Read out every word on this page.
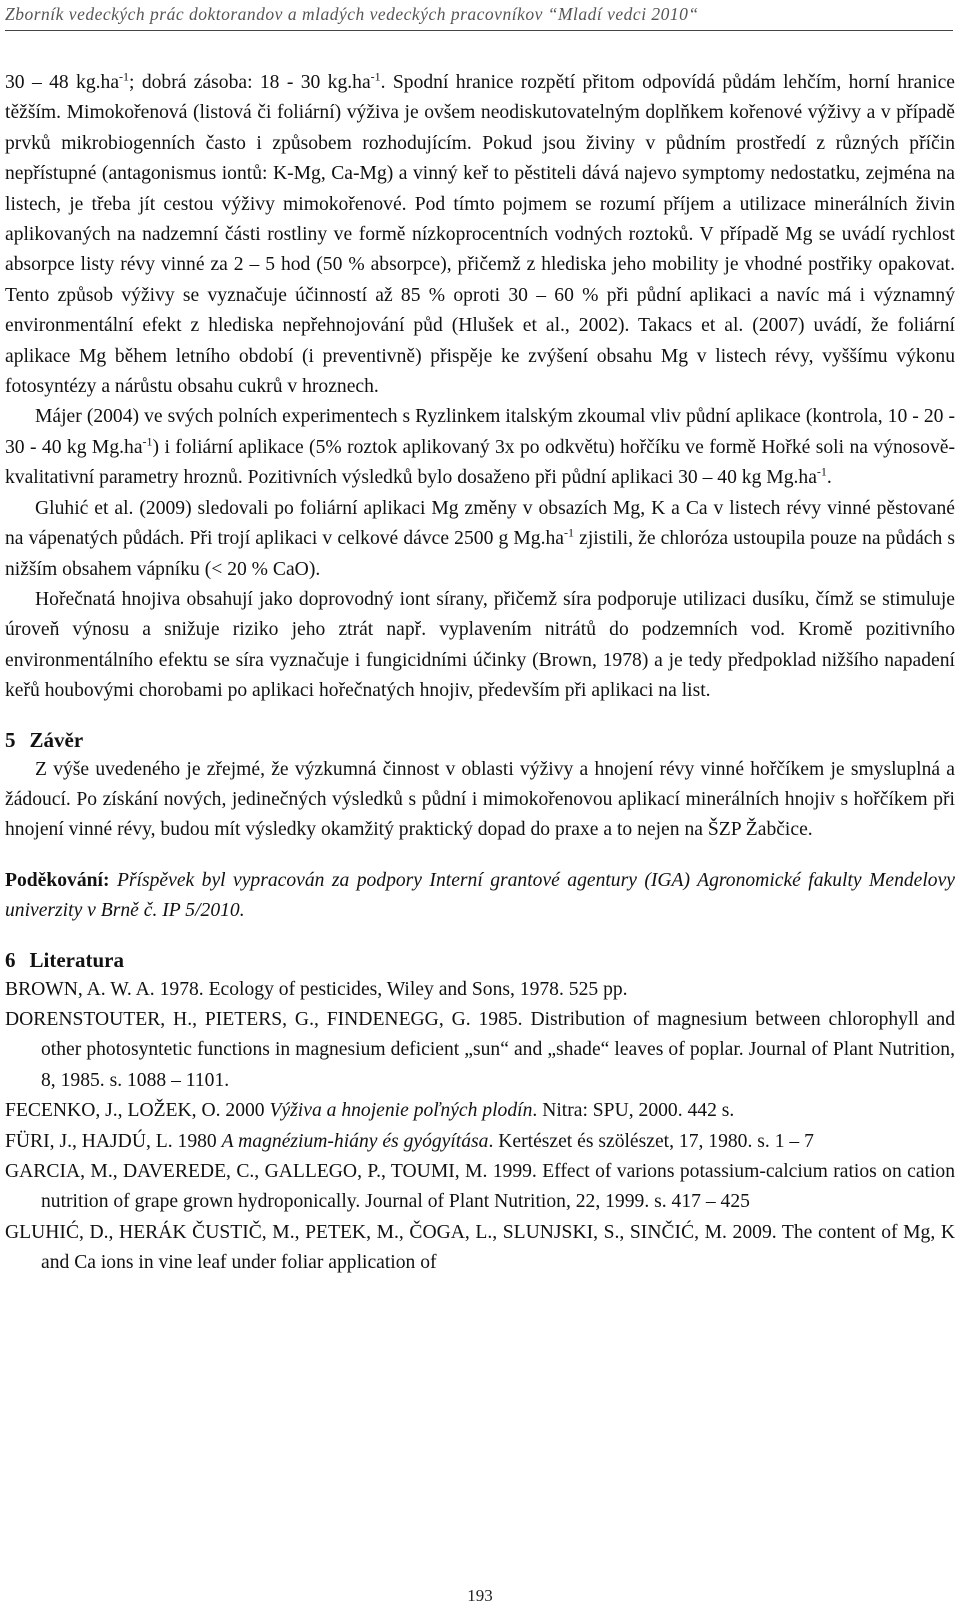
Zborník vedeckých prác doktorandov a mladých vedeckých pracovníkov “Mladí vedci 2010“

30 – 48 $kg.ha^{-1}$; dobrá zásoba: 18 - 30 $kg.ha^{-1}$. Spodní hranice rozpětí přitom odpovídá půdám lehčím, horní hranice těžším. Mimokořenová (listová či foliární) výživa je ovšem neodiskutovatelným doplňkem kořenové výživy a v případě prvků mikrobiogenních často i způsobem rozhodujícím. Pokud jsou živiny v půdním prostředí z různých příčin nepřístupné (antagonismus iontů: K-Mg, Ca-Mg) a vinný keř to pěstiteli dává najevo symptomy nedostatku, zejména na listech, je třeba jít cestou výživy mimokořenové. Pod tímto pojmem se rozumí příjem a utilizace minerálních živin aplikovaných na nadzemní části rostliny ve formě nízkoprocentních vodných roztoků. V případě Mg se uvádí rychlost absorpce listy révy vinné za 2 – 5 hod (50 % absorpce), přičemž z hlediska jeho mobility je vhodné postřiky opakovat. Tento způsob výživy se vyznačuje účinností až 85 % oproti 30 – 60 % při půdní aplikaci a navíc má i významný environmentální efekt z hlediska nepřehnojování půd (Hlušek et al., 2002). Takacs et al. (2007) uvádí, že foliární aplikace Mg během letního období (i preventivně) přispěje ke zvýšení obsahu Mg v listech révy, vyššímu výkonu fotosyntézy a nárůstu obsahu cukrů v hroznech.

Májer (2004) ve svých polních experimentech s Ryzlinkem italským zkoumal vliv půdní aplikace (kontrola, 10 - 20 - 30 - 40 kg $Mg.ha^{-1}$) i foliární aplikace (5% roztok aplikovaný 3x po odkvětu) hořčíku ve formě Hořké soli na výnosově-kvalitativní parametry hroznů. Pozitivních výsledků bylo dosaženo při půdní aplikaci 30 – 40 kg $Mg.ha^{-1}$.

Gluhić et al. (2009) sledovali po foliární aplikaci Mg změny v obsazích Mg, K a Ca v listech révy vinné pěstované na vápenatých půdách. Při trojí aplikaci v celkové dávce 2500 g $Mg.ha^{-1}$ zjistili, že chloróza ustoupila pouze na půdách s nižším obsahem vápníku (< 20 % CaO).

Hořečnatá hnojiva obsahují jako doprovodný iont sírany, přičemž síra podporuje utilizaci dusíku, čímž se stimuluje úroveň výnosu a snižuje riziko jeho ztrát např. vyplavením nitrátů do podzemních vod. Kromě pozitivního environmentálního efektu se síra vyznačuje i fungicidními účinky (Brown, 1978) a je tedy předpoklad nižšího napadení keřů houbovými chorobami po aplikaci hořečnatých hnojiv, především při aplikaci na list.

5 Závěr

Z výše uvedeného je zřejmé, že výzkumná činnost v oblasti výživy a hnojení révy vinné hořčíkem je smysluplná a žádoucí. Po získání nových, jedinečných výsledků s půdní i mimokořenovou aplikací minerálních hnojiv s hořčíkem při hnojení vinné révy, budou mít výsledky okamžitý praktický dopad do praxe a to nejen na ŠZP Žabčice.

Poděkování: Příspěvek byl vypracován za podpory Interní grantové agentury (IGA) Agronomické fakulty Mendelovy univerzity v Brně č. IP 5/2010.

6 Literatura

BROWN, A. W. A. 1978. Ecology of pesticides, Wiley and Sons, 1978. 525 pp.

DORENSTOUTER, H., PIETERS, G., FINDENEGG, G. 1985. Distribution of magnesium between chlorophyll and other photosyntetic functions in magnesium deficient „sun“ and „shade“ leaves of poplar. Journal of Plant Nutrition, 8, 1985. s. 1088 – 1101.

FECENKO, J., LOŽEK, O. 2000 Výživa a hnojenie poľných plodín. Nitra: SPU, 2000. 442 s.

FÜRI, J., HAJDÚ, L. 1980 A magnézium-hiány és gyógyítása. Kertészet és szölészet, 17, 1980. s. 1 – 7

GARCIA, M., DAVEREDE, C., GALLEGO, P., TOUMI, M. 1999. Effect of varions potassium-calcium ratios on cation nutrition of grape grown hydroponically. Journal of Plant Nutrition, 22, 1999. s. 417 – 425

GLUHIĆ, D., HERÁK ČUSTIČ, M., PETEK, M., ČOGA, L., SLUNJSKI, S., SINČIĆ, M. 2009. The content of Mg, K and Ca ions in vine leaf under foliar application of

193
